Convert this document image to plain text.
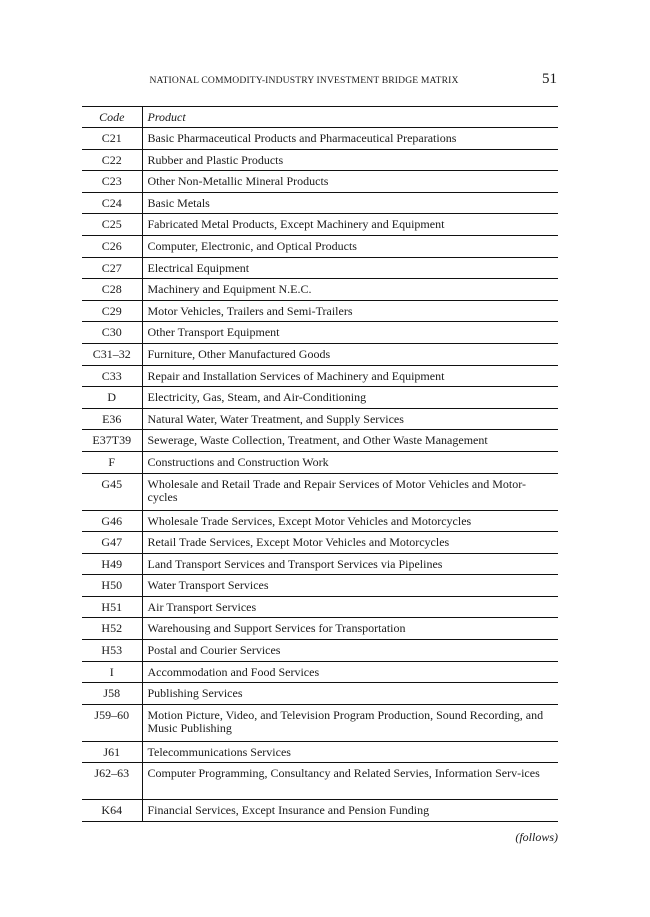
NATIONAL COMMODITY-INDUSTRY INVESTMENT BRIDGE MATRIX	51
Code	Product
C21	Basic Pharmaceutical Products and Pharmaceutical Preparations
C22	Rubber and Plastic Products
C23	Other Non-Metallic Mineral Products
C24	Basic Metals
C25	Fabricated Metal Products, Except Machinery and Equipment
C26	Computer, Electronic, and Optical Products
C27	Electrical Equipment
C28	Machinery and Equipment N.E.C.
C29	Motor Vehicles, Trailers and Semi-Trailers
C30	Other Transport Equipment
C31–32	Furniture, Other Manufactured Goods
C33	Repair and Installation Services of Machinery and Equipment
D	Electricity, Gas, Steam, and Air-Conditioning
E36	Natural Water, Water Treatment, and Supply Services
E37T39	Sewerage, Waste Collection, Treatment, and Other Waste Management
F	Constructions and Construction Work
G45	Wholesale and Retail Trade and Repair Services of Motor Vehicles and Motor-cycles
G46	Wholesale Trade Services, Except Motor Vehicles and Motorcycles
G47	Retail Trade Services, Except Motor Vehicles and Motorcycles
H49	Land Transport Services and Transport Services via Pipelines
H50	Water Transport Services
H51	Air Transport Services
H52	Warehousing and Support Services for Transportation
H53	Postal and Courier Services
I	Accommodation and Food Services
J58	Publishing Services
J59–60	Motion Picture, Video, and Television Program Production, Sound Recording, and Music Publishing
J61	Telecommunications Services
J62–63	Computer Programming, Consultancy and Related Servies, Information Serv-ices
K64	Financial Services, Except Insurance and Pension Funding
(follows)
